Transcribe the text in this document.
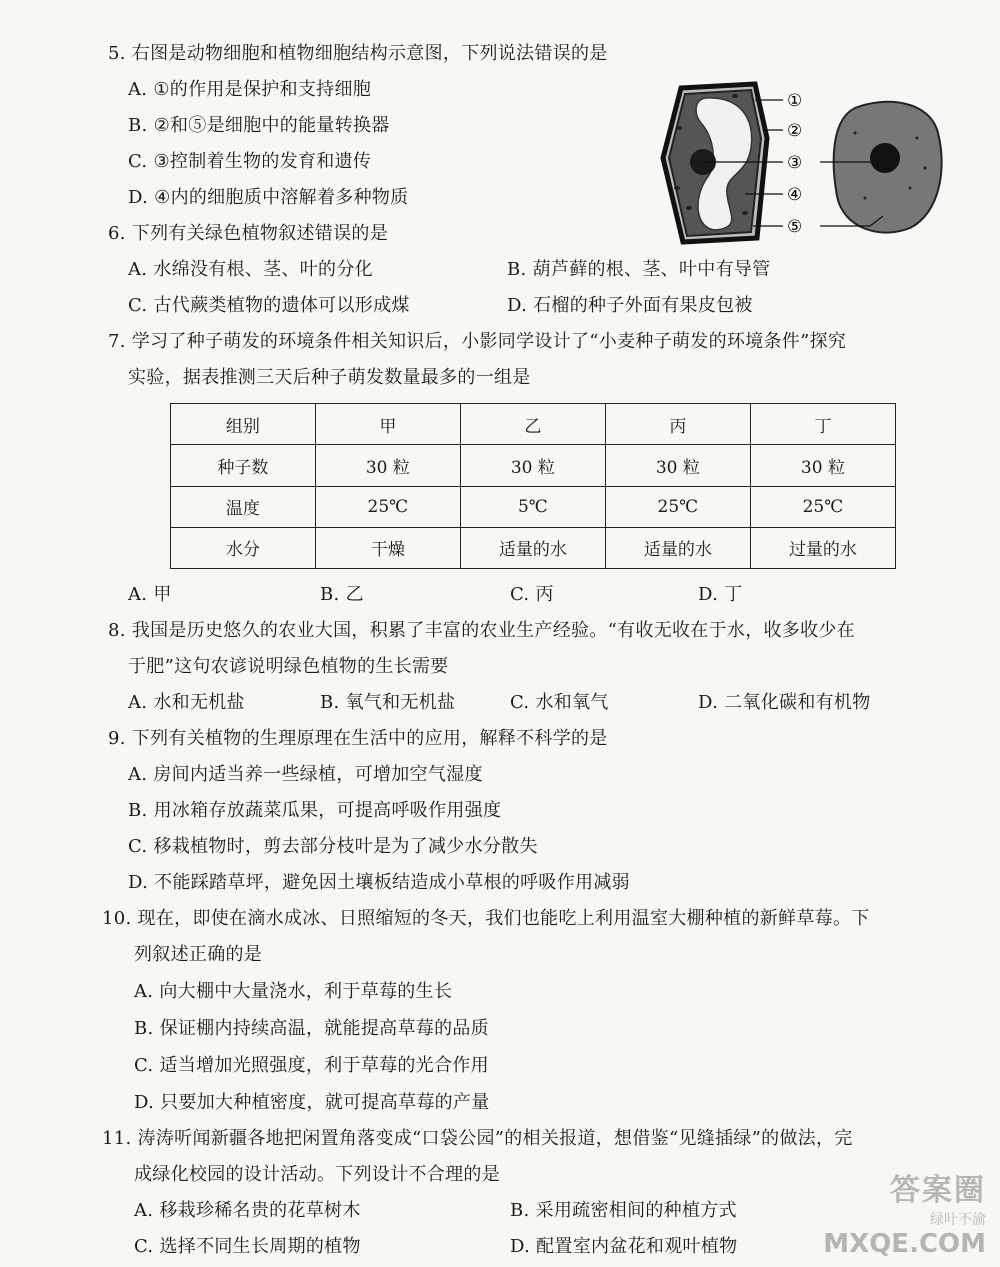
5. 右图是动物细胞和植物细胞结构示意图，下列说法错误的是
A. ①的作用是保护和支持细胞
B. ②和⑤是细胞中的能量转换器
C. ③控制着生物的发育和遗传
D. ④内的细胞质中溶解着多种物质
①
②
③
④
⑤
6. 下列有关绿色植物叙述错误的是
A. 水绵没有根、茎、叶的分化	B. 葫芦藓的根、茎、叶中有导管
C. 古代蕨类植物的遗体可以形成煤	D. 石榴的种子外面有果皮包被
7. 学习了种子萌发的环境条件相关知识后，小影同学设计了“小麦种子萌发的环境条件”探究
实验，据表推测三天后种子萌发数量最多的一组是
组别	甲	乙	丙	丁
种子数	30 粒	30 粒	30 粒	30 粒
温度	25℃	5℃	25℃	25℃
水分	干燥	适量的水	适量的水	过量的水
A. 甲	B. 乙	C. 丙	D. 丁
8. 我国是历史悠久的农业大国，积累了丰富的农业生产经验。“有收无收在于水，收多收少在
于肥”这句农谚说明绿色植物的生长需要
A. 水和无机盐	B. 氧气和无机盐	C. 水和氧气	D. 二氧化碳和有机物
9. 下列有关植物的生理原理在生活中的应用，解释不科学的是
A. 房间内适当养一些绿植，可增加空气湿度
B. 用冰箱存放蔬菜瓜果，可提高呼吸作用强度
C. 移栽植物时，剪去部分枝叶是为了减少水分散失
D. 不能踩踏草坪，避免因土壤板结造成小草根的呼吸作用减弱
10. 现在，即使在滴水成冰、日照缩短的冬天，我们也能吃上利用温室大棚种植的新鲜草莓。下
列叙述正确的是
A. 向大棚中大量浇水，利于草莓的生长
B. 保证棚内持续高温，就能提高草莓的品质
C. 适当增加光照强度，利于草莓的光合作用
D. 只要加大种植密度，就可提高草莓的产量
11. 涛涛听闻新疆各地把闲置角落变成“口袋公园”的相关报道，想借鉴“见缝插绿”的做法，完
成绿化校园的设计活动。下列设计不合理的是
A. 移栽珍稀名贵的花草树木	B. 采用疏密相间的种植方式
C. 选择不同生长周期的植物	D. 配置室内盆花和观叶植物
答案圈
绿叶不渝
MXQE.COM
